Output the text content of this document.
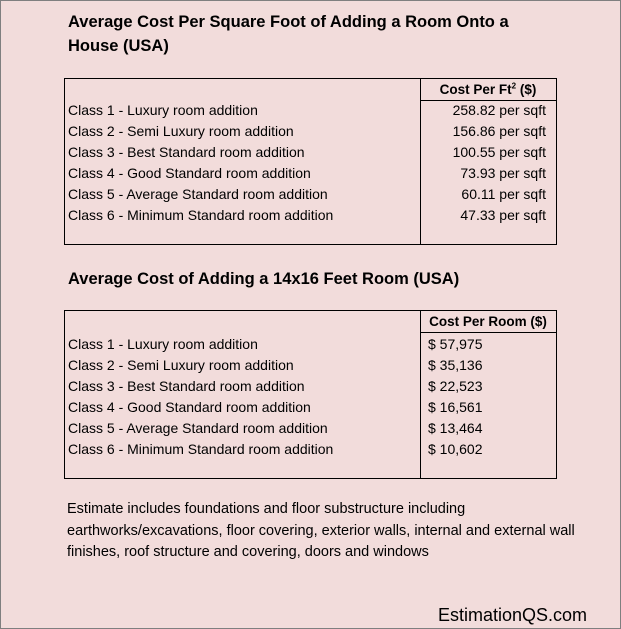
Average Cost Per Square Foot of Adding a Room Onto a House (USA)
Cost Per Ft$^2$ ($)
Class 1 - Luxury room addition	258.82 per sqft
Class 2 - Semi Luxury room addition	156.86 per sqft
Class 3 - Best Standard room addition	100.55 per sqft
Class 4 - Good Standard room addition	73.93 per sqft
Class 5 - Average Standard room addition	60.11 per sqft
Class 6 - Minimum Standard room addition	47.33 per sqft
Average Cost of Adding a 14x16 Feet Room (USA)
Cost Per Room ($)
Class 1 - Luxury room addition	$ 57,975
Class 2 - Semi Luxury room addition	$ 35,136
Class 3 - Best Standard room addition	$ 22,523
Class 4 - Good Standard room addition	$ 16,561
Class 5 - Average Standard room addition	$ 13,464
Class 6 - Minimum Standard room addition	$ 10,602
Estimate includes foundations and floor substructure including earthworks/excavations, floor covering, exterior walls, internal and external wall finishes, roof structure and covering, doors and windows
EstimationQS.com
